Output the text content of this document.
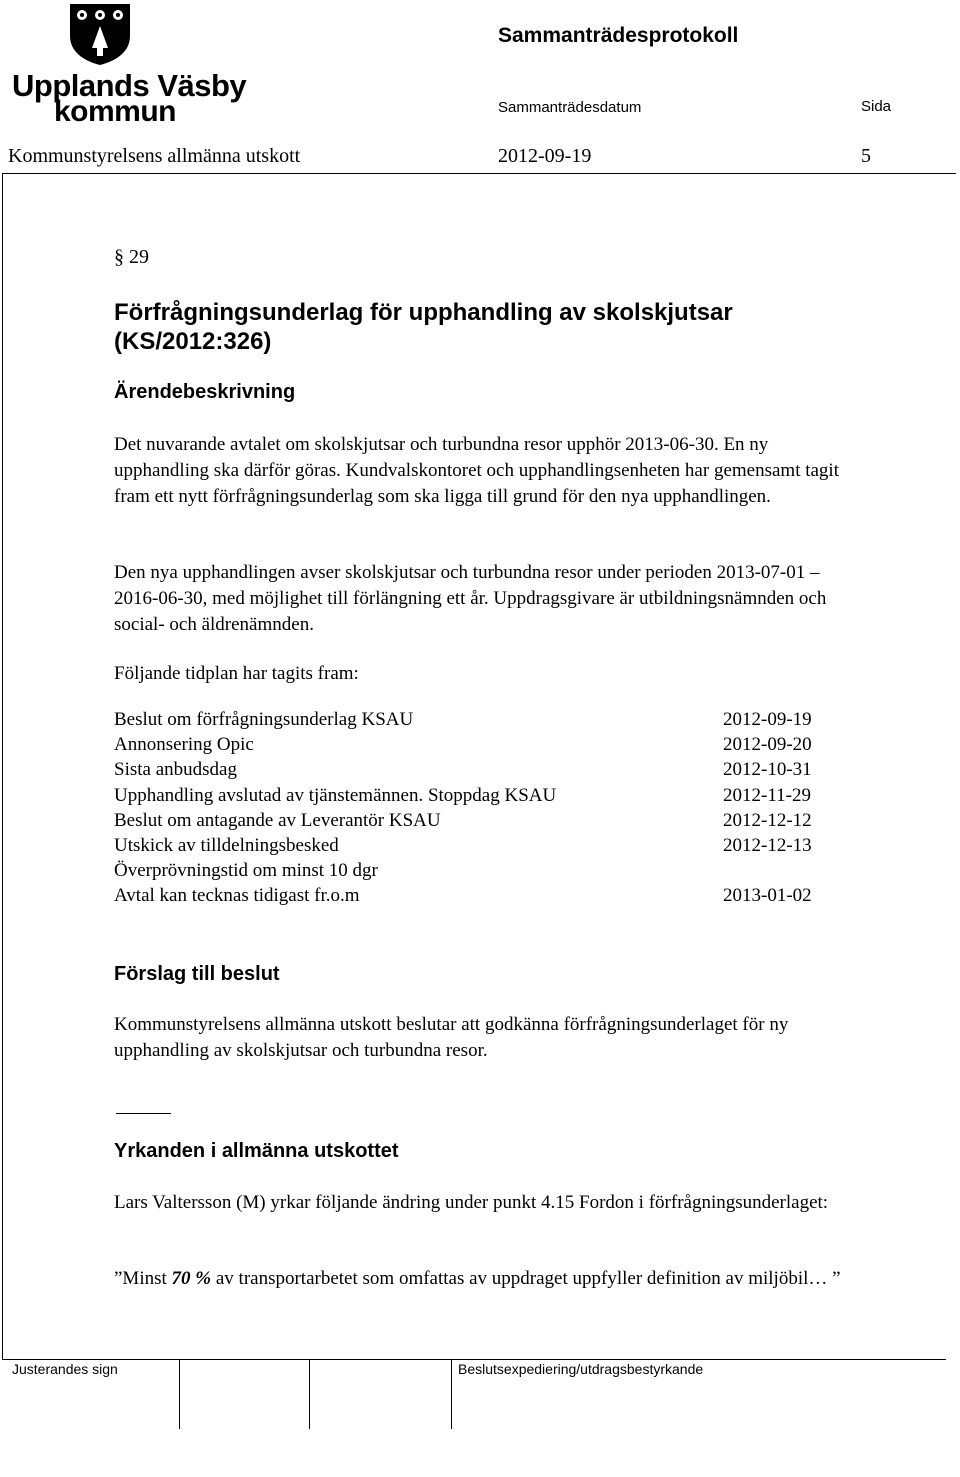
Upplands Väsby
kommun
Sammanträdesprotokoll
Sammanträdesdatum	Sida
Kommunstyrelsens allmänna utskott	2012-09-19	5
§ 29
Förfrågningsunderlag för upphandling av skolskjutsar (KS/2012:326)
Ärendebeskrivning
Det nuvarande avtalet om skolskjutsar och turbundna resor upphör 2013-06-30. En ny upphandling ska därför göras. Kundvalskontoret och upphandlingsenheten har gemensamt tagit fram ett nytt förfrågningsunderlag som ska ligga till grund för den nya upphandlingen.
Den nya upphandlingen avser skolskjutsar och turbundna resor under perioden 2013-07-01 – 2016-06-30, med möjlighet till förlängning ett år. Uppdragsgivare är utbildningsnämnden och social- och äldrenämnden.
Följande tidplan har tagits fram:
Beslut om förfrågningsunderlag KSAU	2012-09-19
Annonsering Opic	2012-09-20
Sista anbudsdag	2012-10-31
Upphandling avslutad av tjänstemännen. Stoppdag KSAU	2012-11-29
Beslut om antagande av Leverantör KSAU	2012-12-12
Utskick av tilldelningsbesked	2012-12-13
Överprövningstid om minst 10 dgr
Avtal kan tecknas tidigast fr.o.m	2013-01-02
Förslag till beslut
Kommunstyrelsens allmänna utskott beslutar att godkänna förfrågningsunderlaget för ny upphandling av skolskjutsar och turbundna resor.
Yrkanden i allmänna utskottet
Lars Valtersson (M) yrkar följande ändring under punkt 4.15 Fordon i förfrågningsunderlaget:
”Minst 70 % av transportarbetet som omfattas av uppdraget uppfyller definition av miljöbil… ”
Justerandes sign	Beslutsexpediering/utdragsbestyrkande
